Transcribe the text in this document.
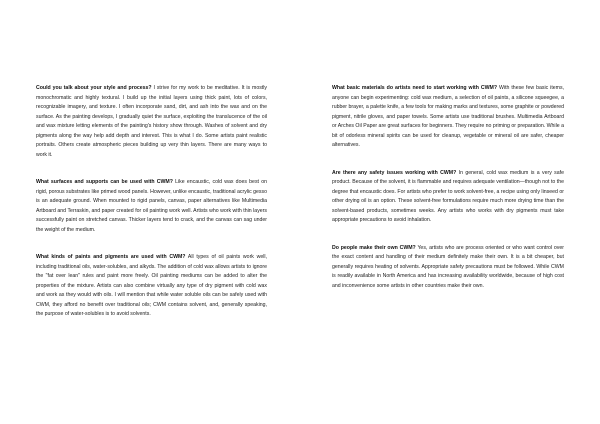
Could you talk about your style and process? I strive for my work to be meditative. It is mostly monochromatic and highly textural. I build up the initial layers using thick paint, lots of colors, recognizable imagery, and texture. I often incorporate sand, dirt, and ash into the wax and on the surface. As the painting develops, I gradually quiet the surface, exploiting the translucence of the oil and wax mixture letting elements of the painting's history show through. Washes of solvent and dry pigments along the way help add depth and interest. This is what I do. Some artists paint realistic portraits. Others create atmospheric pieces building up very thin layers. There are many ways to work it.

What surfaces and supports can be used with CWM? Like encaustic, cold wax does best on rigid, porous substrates like primed wood panels. However, unlike encaustic, traditional acrylic gesso is an adequate ground. When mounted to rigid panels, canvas, paper alternatives like Multimedia Artboard and Terraskin, and paper created for oil painting work well. Artists who work with thin layers successfully paint on stretched canvas. Thicker layers tend to crack, and the canvas can sag under the weight of the medium.

What kinds of paints and pigments are used with CWM? All types of oil paints work well, including traditional oils, water-solubles, and alkyds. The addition of cold wax allows artists to ignore the "fat over lean" rules and paint more freely. Oil painting mediums can be added to alter the properties of the mixture. Artists can also combine virtually any type of dry pigment with cold wax and work as they would with oils. I will mention that while water soluble oils can be safely used with CWM, they afford no benefit over traditional oils; CWM contains solvent, and, generally speaking, the purpose of water-solubles is to avoid solvents.

What basic materials do artists need to start working with CWM? With these few basic items, anyone can begin experimenting: cold wax medium, a selection of oil paints, a silicone squeegee, a rubber brayer, a palette knife, a few tools for making marks and textures, some graphite or powdered pigment, nitrile gloves, and paper towels. Some artists use traditional brushes. Multimedia Artboard or Arches Oil Paper are great surfaces for beginners. They require no priming or preparation. While a bit of odorless mineral spirits can be used for cleanup, vegetable or mineral oil are safer, cheaper alternatives.

Are there any safety issues working with CWM? In general, cold wax medium is a very safe product. Because of the solvent, it is flammable and requires adequate ventilation—though not to the degree that encaustic does. For artists who prefer to work solvent-free, a recipe using only linseed or other drying oil is an option. These solvent-free formulations require much more drying time than the solvent-based products, sometimes weeks. Any artists who works with dry pigments must take appropriate precautions to avoid inhalation.

Do people make their own CWM? Yes, artists who are process oriented or who want control over the exact content and handling of their medium definitely make their own. It is a bit cheaper, but generally requires heating of solvents. Appropriate safety precautions must be followed. While CWM is readily available in North America and has increasing availability worldwide, because of high cost and inconvenience some artists in other countries make their own.
